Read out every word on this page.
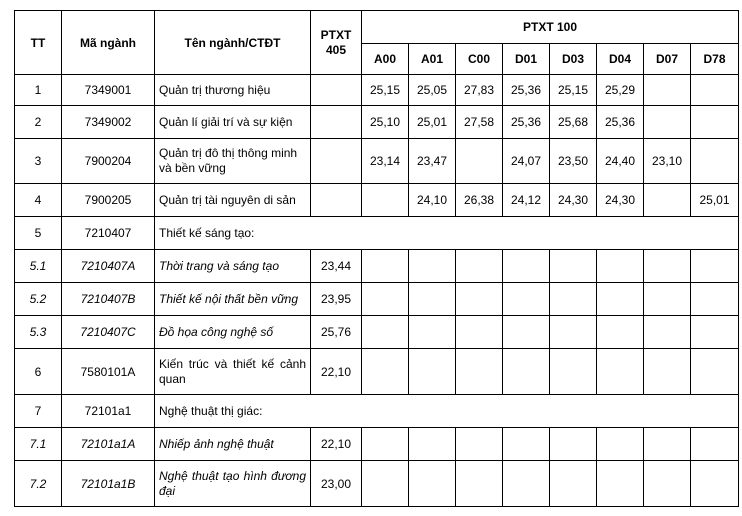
TT	Mã ngành	Tên ngành/CTĐT	PTXT 405	PTXT 100							
				A00	A01	C00	D01	D03	D04	D07	D78
1	7349001	Quản trị thương hiệu		25,15	25,05	27,83	25,36	25,15	25,29		
2	7349002	Quản lí giải trí và sự kiện		25,10	25,01	27,58	25,36	25,68	25,36		
3	7900204	Quản trị đô thị thông minh và bền vững		23,14	23,47		24,07	23,50	24,40	23,10	
4	7900205	Quản trị tài nguyên di sản			24,10	26,38	24,12	24,30	24,30		25,01
5	7210407	Thiết kế sáng tạo:									
5.1	7210407A	Thời trang và sáng tạo	23,44								
5.2	7210407B	Thiết kế nội thất bền vững	23,95								
5.3	7210407C	Đồ họa công nghệ số	25,76								
6	7580101A	Kiến trúc và thiết kế cảnh quan	22,10								
7	72101a1	Nghệ thuật thị giác:									
7.1	72101a1A	Nhiếp ảnh nghệ thuật	22,10								
7.2	72101a1B	Nghệ thuật tạo hình đương đại	23,00								
